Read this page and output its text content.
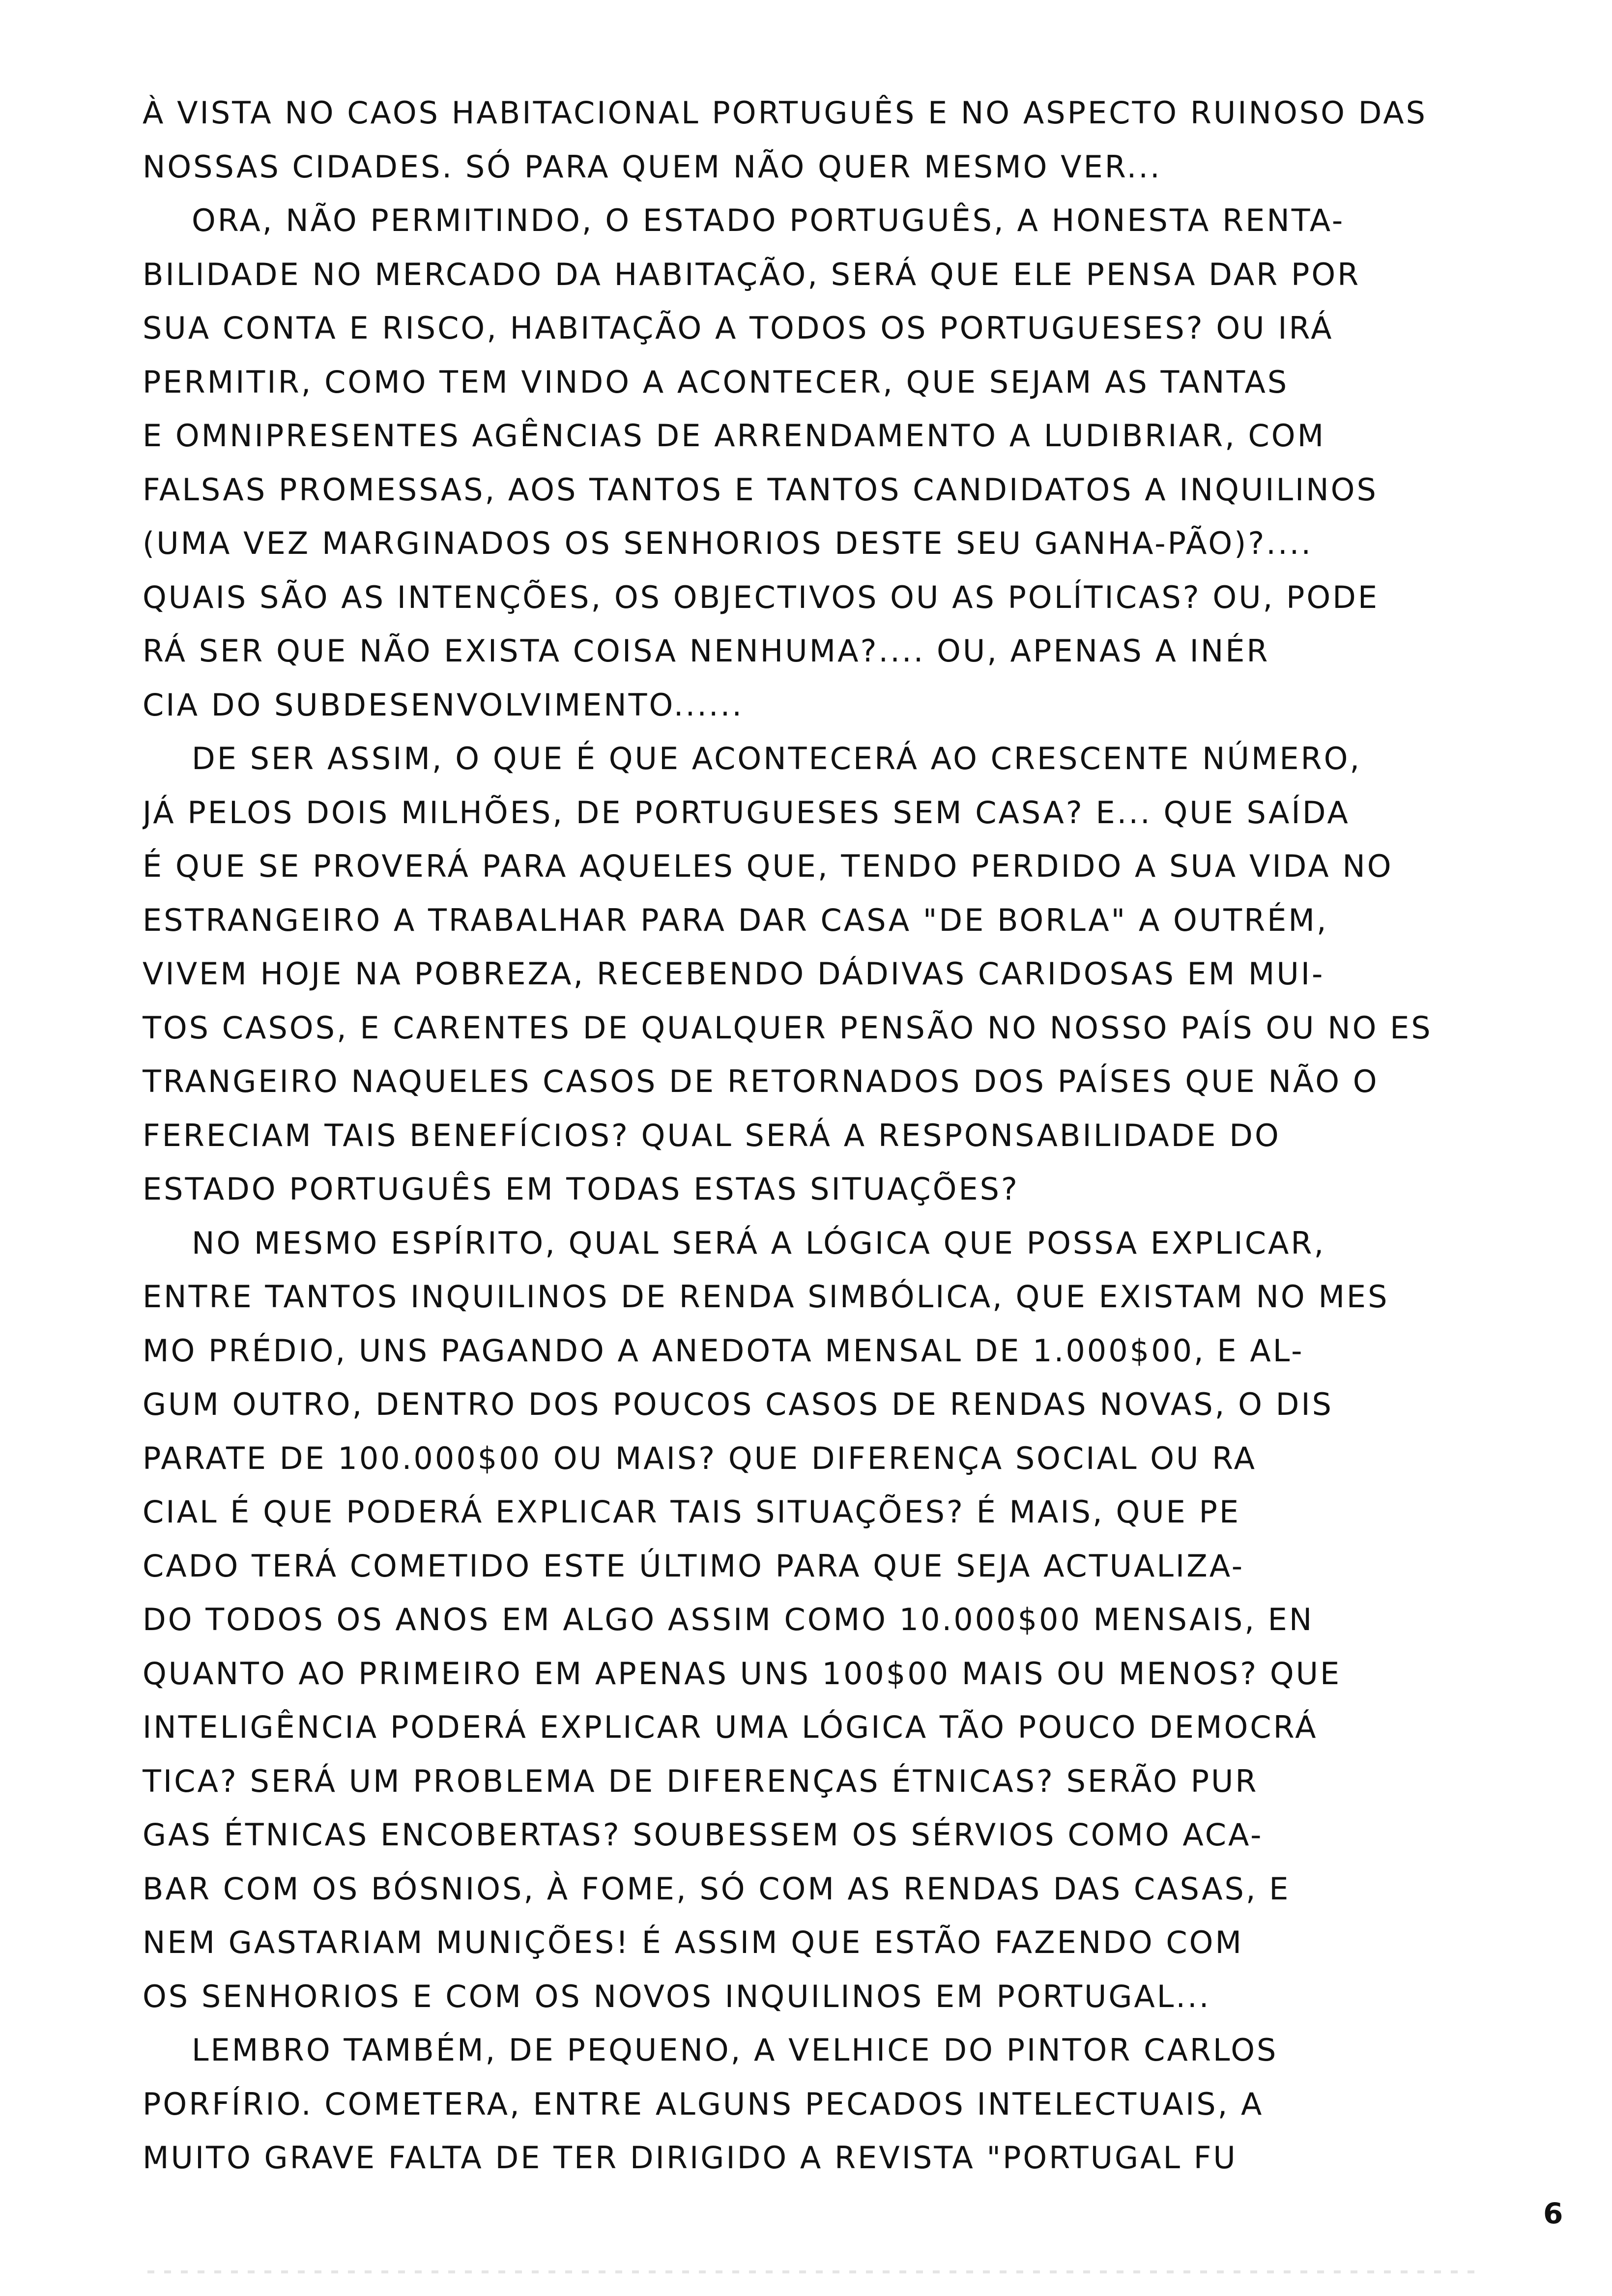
À VISTA NO CAOS HABITACIONAL PORTUGUÊS E NO ASPECTO RUINOSO DAS
NOSSAS CIDADES. SÓ PARA QUEM NÃO QUER MESMO VER...
ORA, NÃO PERMITINDO, O ESTADO PORTUGUÊS, A HONESTA RENTA-
BILIDADE NO MERCADO DA HABITAÇÃO, SERÁ QUE ELE PENSA DAR POR
SUA CONTA E RISCO, HABITAÇÃO A TODOS OS PORTUGUESES? OU IRÁ
PERMITIR, COMO TEM VINDO A ACONTECER, QUE SEJAM AS TANTAS
E OMNIPRESENTES AGÊNCIAS DE ARRENDAMENTO A LUDIBRIAR, COM
FALSAS PROMESSAS, AOS TANTOS E TANTOS CANDIDATOS A INQUILINOS
(UMA VEZ MARGINADOS OS SENHORIOS DESTE SEU GANHA-PÃO)?....
QUAIS SÃO AS INTENÇÕES, OS OBJECTIVOS OU AS POLÍTICAS? OU, PODE
RÁ SER QUE NÃO EXISTA COISA NENHUMA?.... OU, APENAS A INÉR
CIA DO SUBDESENVOLVIMENTO......
DE SER ASSIM, O QUE É QUE ACONTECERÁ AO CRESCENTE NÚMERO,
JÁ PELOS DOIS MILHÕES, DE PORTUGUESES SEM CASA? E... QUE SAÍDA
É QUE SE PROVERÁ PARA AQUELES QUE, TENDO PERDIDO A SUA VIDA NO
ESTRANGEIRO A TRABALHAR PARA DAR CASA "DE BORLA" A OUTRÉM,
VIVEM HOJE NA POBREZA, RECEBENDO DÁDIVAS CARIDOSAS EM MUI-
TOS CASOS, E CARENTES DE QUALQUER PENSÃO NO NOSSO PAÍS OU NO ES
TRANGEIRO NAQUELES CASOS DE RETORNADOS DOS PAÍSES QUE NÃO O
FERECIAM TAIS BENEFÍCIOS? QUAL SERÁ A RESPONSABILIDADE DO
ESTADO PORTUGUÊS EM TODAS ESTAS SITUAÇÕES?
NO MESMO ESPÍRITO, QUAL SERÁ A LÓGICA QUE POSSA EXPLICAR,
ENTRE TANTOS INQUILINOS DE RENDA SIMBÓLICA, QUE EXISTAM NO MES
MO PRÉDIO, UNS PAGANDO A ANEDOTA MENSAL DE 1.000$00, E AL-
GUM OUTRO, DENTRO DOS POUCOS CASOS DE RENDAS NOVAS, O DIS
PARATE DE 100.000$00 OU MAIS? QUE DIFERENÇA SOCIAL OU RA
CIAL É QUE PODERÁ EXPLICAR TAIS SITUAÇÕES? É MAIS, QUE PE
CADO TERÁ COMETIDO ESTE ÚLTIMO PARA QUE SEJA ACTUALIZA-
DO TODOS OS ANOS EM ALGO ASSIM COMO 10.000$00 MENSAIS, EN
QUANTO AO PRIMEIRO EM APENAS UNS 100$00 MAIS OU MENOS? QUE
INTELIGÊNCIA PODERÁ EXPLICAR UMA LÓGICA TÃO POUCO DEMOCRÁ
TICA? SERÁ UM PROBLEMA DE DIFERENÇAS ÉTNICAS? SERÃO PUR
GAS ÉTNICAS ENCOBERTAS? SOUBESSEM OS SÉRVIOS COMO ACA-
BAR COM OS BÓSNIOS, À FOME, SÓ COM AS RENDAS DAS CASAS, E
NEM GASTARIAM MUNIÇÕES! É ASSIM QUE ESTÃO FAZENDO COM
OS SENHORIOS E COM OS NOVOS INQUILINOS EM PORTUGAL...
LEMBRO TAMBÉM, DE PEQUENO, A VELHICE DO PINTOR CARLOS
PORFÍRIO. COMETERA, ENTRE ALGUNS PECADOS INTELECTUAIS, A
MUITO GRAVE FALTA DE TER DIRIGIDO A REVISTA "PORTUGAL FU
6
